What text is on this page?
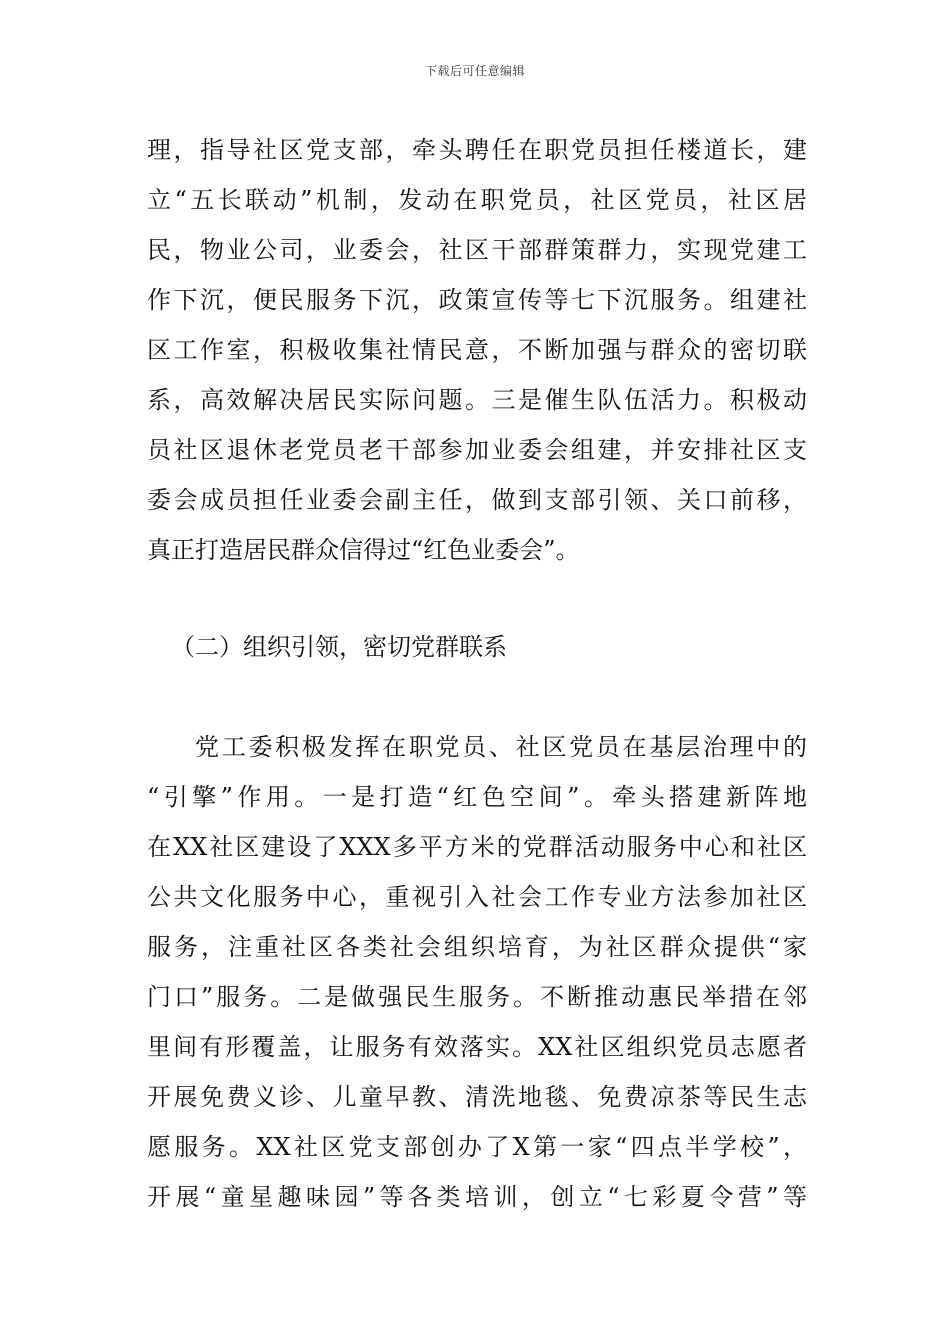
下载后可任意编辑
理，指导社区党支部，牵头聘任在职党员担任楼道长，建
立“五长联动”机制，发动在职党员，社区党员，社区居
民，物业公司，业委会，社区干部群策群力，实现党建工
作下沉，便民服务下沉，政策宣传等七下沉服务。组建社
区工作室，积极收集社情民意，不断加强与群众的密切联
系，高效解决居民实际问题。三是催生队伍活力。积极动
员社区退休老党员老干部参加业委会组建，并安排社区支
委会成员担任业委会副主任，做到支部引领、关口前移，
真正打造居民群众信得过“红色业委会”。
（二）组织引领，密切党群联系
党工委积极发挥在职党员、社区党员在基层治理中的
“引擎”作用。一是打造“红色空间”。牵头搭建新阵地
在XX社区建设了XXX多平方米的党群活动服务中心和社区
公共文化服务中心，重视引入社会工作专业方法参加社区
服务，注重社区各类社会组织培育，为社区群众提供“家
门口”服务。二是做强民生服务。不断推动惠民举措在邻
里间有形覆盖，让服务有效落实。XX社区组织党员志愿者
开展免费义诊、儿童早教、清洗地毯、免费凉茶等民生志
愿服务。XX社区党支部创办了X第一家“四点半学校”，
开展“童星趣味园”等各类培训，创立“七彩夏令营”等
